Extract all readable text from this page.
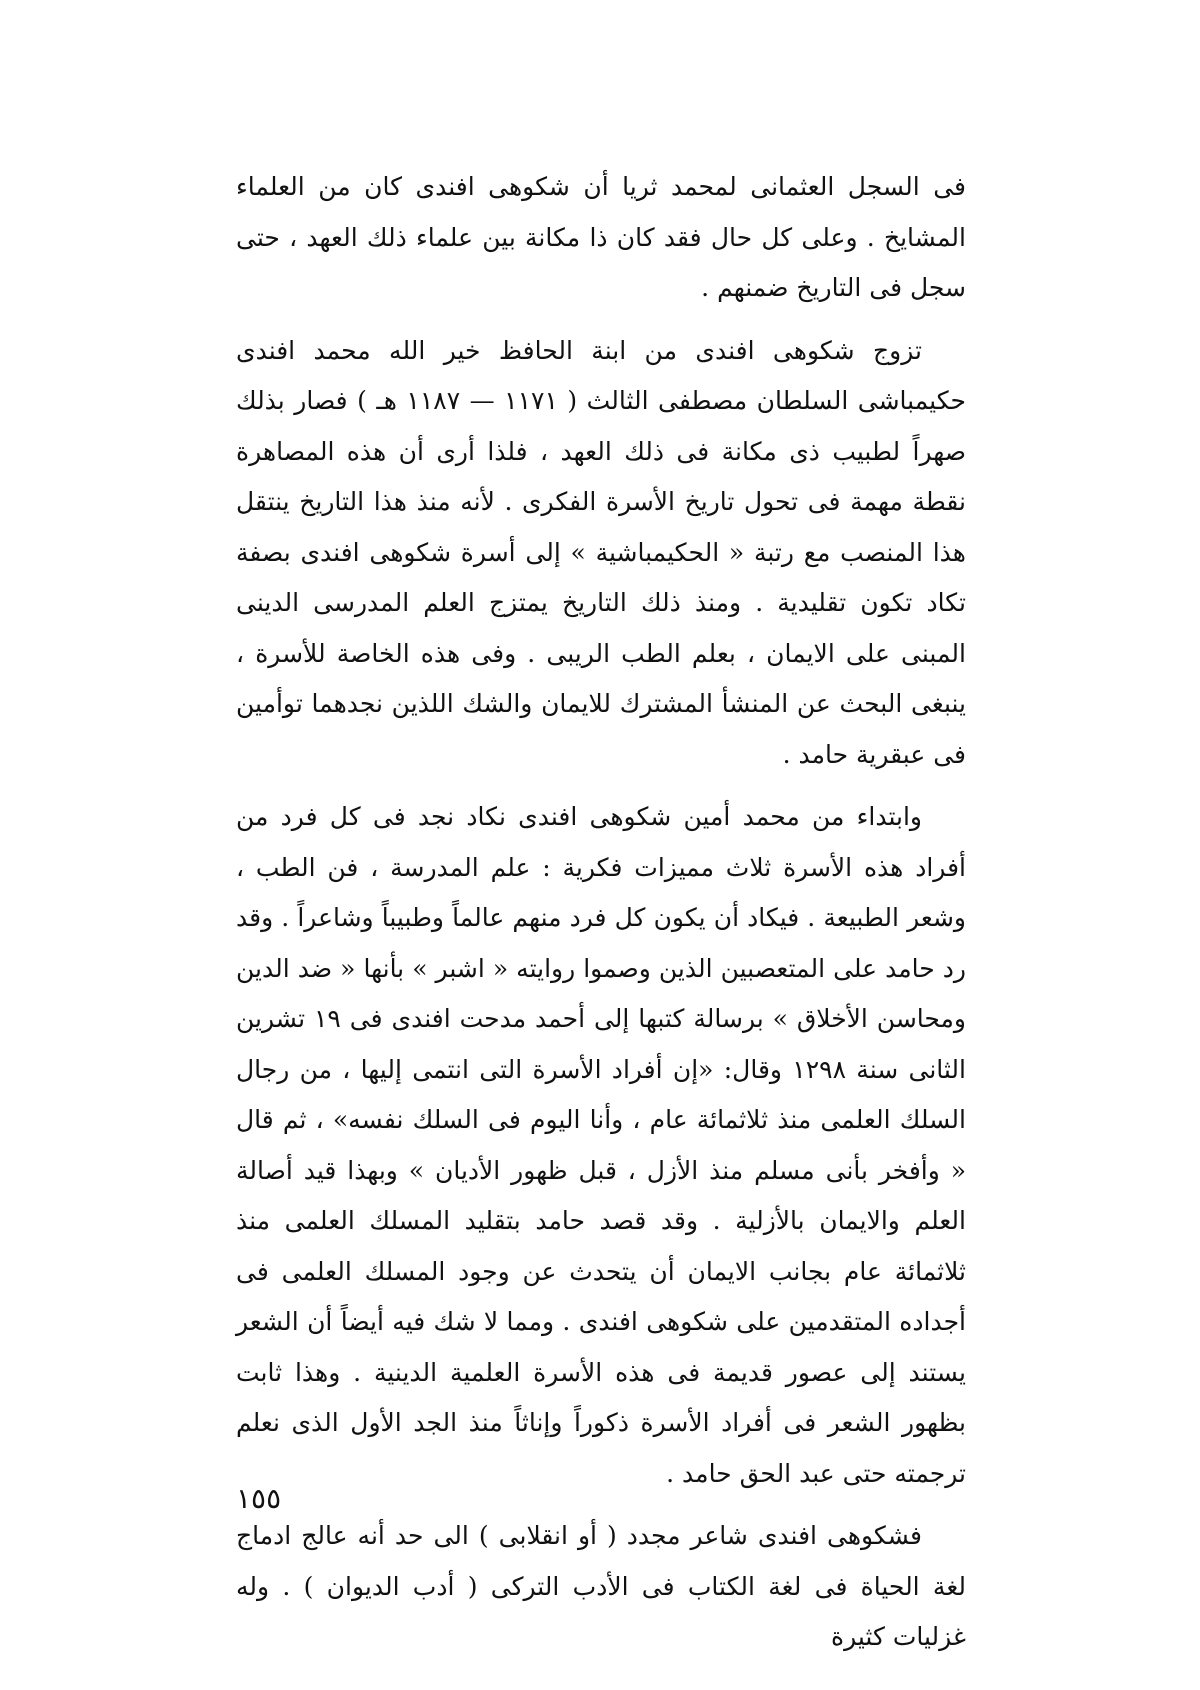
فى السجل العثمانى لمحمد ثريا أن شكوهى افندى كان من العلماء المشايخ . وعلى كل حال فقد كان ذا مكانة بين علماء ذلك العهد ، حتى سجل فى التاريخ ضمنهم .

تزوج شكوهى افندى من ابنة الحافظ خير الله محمد افندى حكيمباشى السلطان مصطفى الثالث ( ١١٧١ — ١١٨٧ هـ ) فصار بذلك صهراً لطبيب ذى مكانة فى ذلك العهد ، فلذا أرى أن هذه المصاهرة نقطة مهمة فى تحول تاريخ الأسرة الفكرى . لأنه منذ هذا التاريخ ينتقل هذا المنصب مع رتبة « الحكيمباشية » إلى أسرة شكوهى افندى بصفة تكاد تكون تقليدية . ومنذ ذلك التاريخ يمتزج العلم المدرسى الدينى المبنى على الايمان ، بعلم الطب الريبى . وفى هذه الخاصة للأسرة ، ينبغى البحث عن المنشأ المشترك للايمان والشك اللذين نجدهما توأمين فى عبقرية حامد .

وابتداء من محمد أمين شكوهى افندى نكاد نجد فى كل فرد من أفراد هذه الأسرة ثلاث مميزات فكرية : علم المدرسة ، فن الطب ، وشعر الطبيعة . فيكاد أن يكون كل فرد منهم عالماً وطبيباً وشاعراً . وقد رد حامد على المتعصبين الذين وصموا روايته « اشبر » بأنها « ضد الدين ومحاسن الأخلاق » برسالة كتبها إلى أحمد مدحت افندى فى ١٩ تشرين الثانى سنة ١٢٩٨ وقال: «إن أفراد الأسرة التى انتمى إليها ، من رجال السلك العلمى منذ ثلاثمائة عام ، وأنا اليوم فى السلك نفسه» ، ثم قال « وأفخر بأنى مسلم منذ الأزل ، قبل ظهور الأديان » وبهذا قيد أصالة العلم والايمان بالأزلية . وقد قصد حامد بتقليد المسلك العلمى منذ ثلاثمائة عام بجانب الايمان أن يتحدث عن وجود المسلك العلمى فى أجداده المتقدمين على شكوهى افندى . ومما لا شك فيه أيضاً أن الشعر يستند إلى عصور قديمة فى هذه الأسرة العلمية الدينية . وهذا ثابت بظهور الشعر فى أفراد الأسرة ذكوراً وإناثاً منذ الجد الأول الذى نعلم ترجمته حتى عبد الحق حامد .

فشكوهى افندى شاعر مجدد ( أو انقلابى ) الى حد أنه عالج ادماج لغة الحياة فى لغة الكتاب فى الأدب التركى ( أدب الديوان ) . وله غزليات كثيرة

١٥٥
